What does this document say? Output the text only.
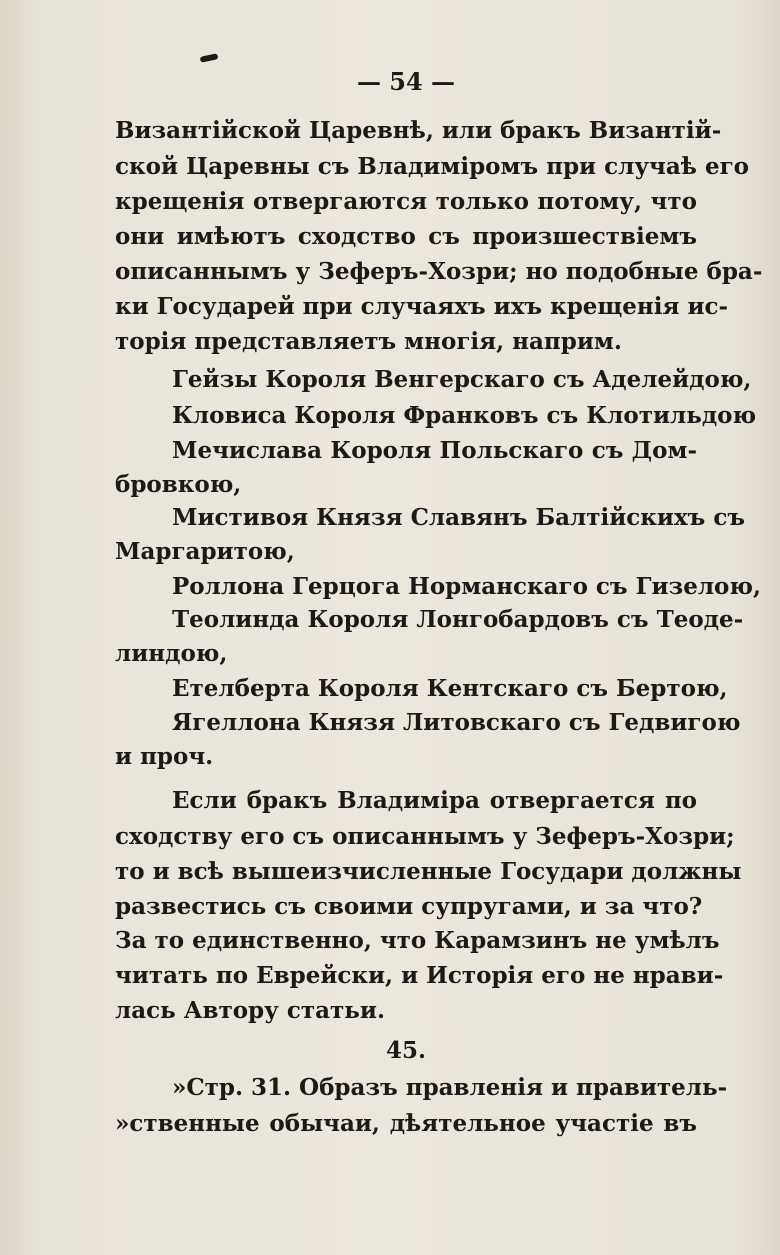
— 54 —
Византійской Царевнѣ, или бракъ Византій-
ской Царевны съ Владиміромъ при случаѣ его
крещенія отвергаются только потому, что
они имѣютъ сходство съ произшествіемъ
описаннымъ у Зеферъ-Хозри; но подобные бра-
ки Государей при случаяхъ ихъ крещенія ис-
торія представляетъ многія, наприм.
Гейзы Короля Венгерскаго съ Аделейдою,
Кловиса Короля Франковъ съ Клотильдою
Мечислава Короля Польскаго съ Дом-
бровкою,
Мистивоя Князя Славянъ Балтійскихъ съ
Маргаритою,
Роллона Герцога Норманскаго съ Гизелою,
Теолинда Короля Лонгобардовъ съ Теоде-
линдою,
Етелберта Короля Кентскаго съ Бертою,
Ягеллона Князя Литовскаго съ Гедвигою
и проч.
Если бракъ Владиміра отвергается по
сходству его съ описаннымъ у Зеферъ-Хозри;
то и всѣ вышеизчисленные Государи должны
развестись съ своими супругами, и за что?
За то единственно, что Карамзинъ не умѣлъ
читать по Еврейски, и Исторія его не нрави-
лась Автору статьи.
45.
»Стр. 31. Образъ правленія и правитель-
»ственные обычаи, дѣятельное участіе въ
